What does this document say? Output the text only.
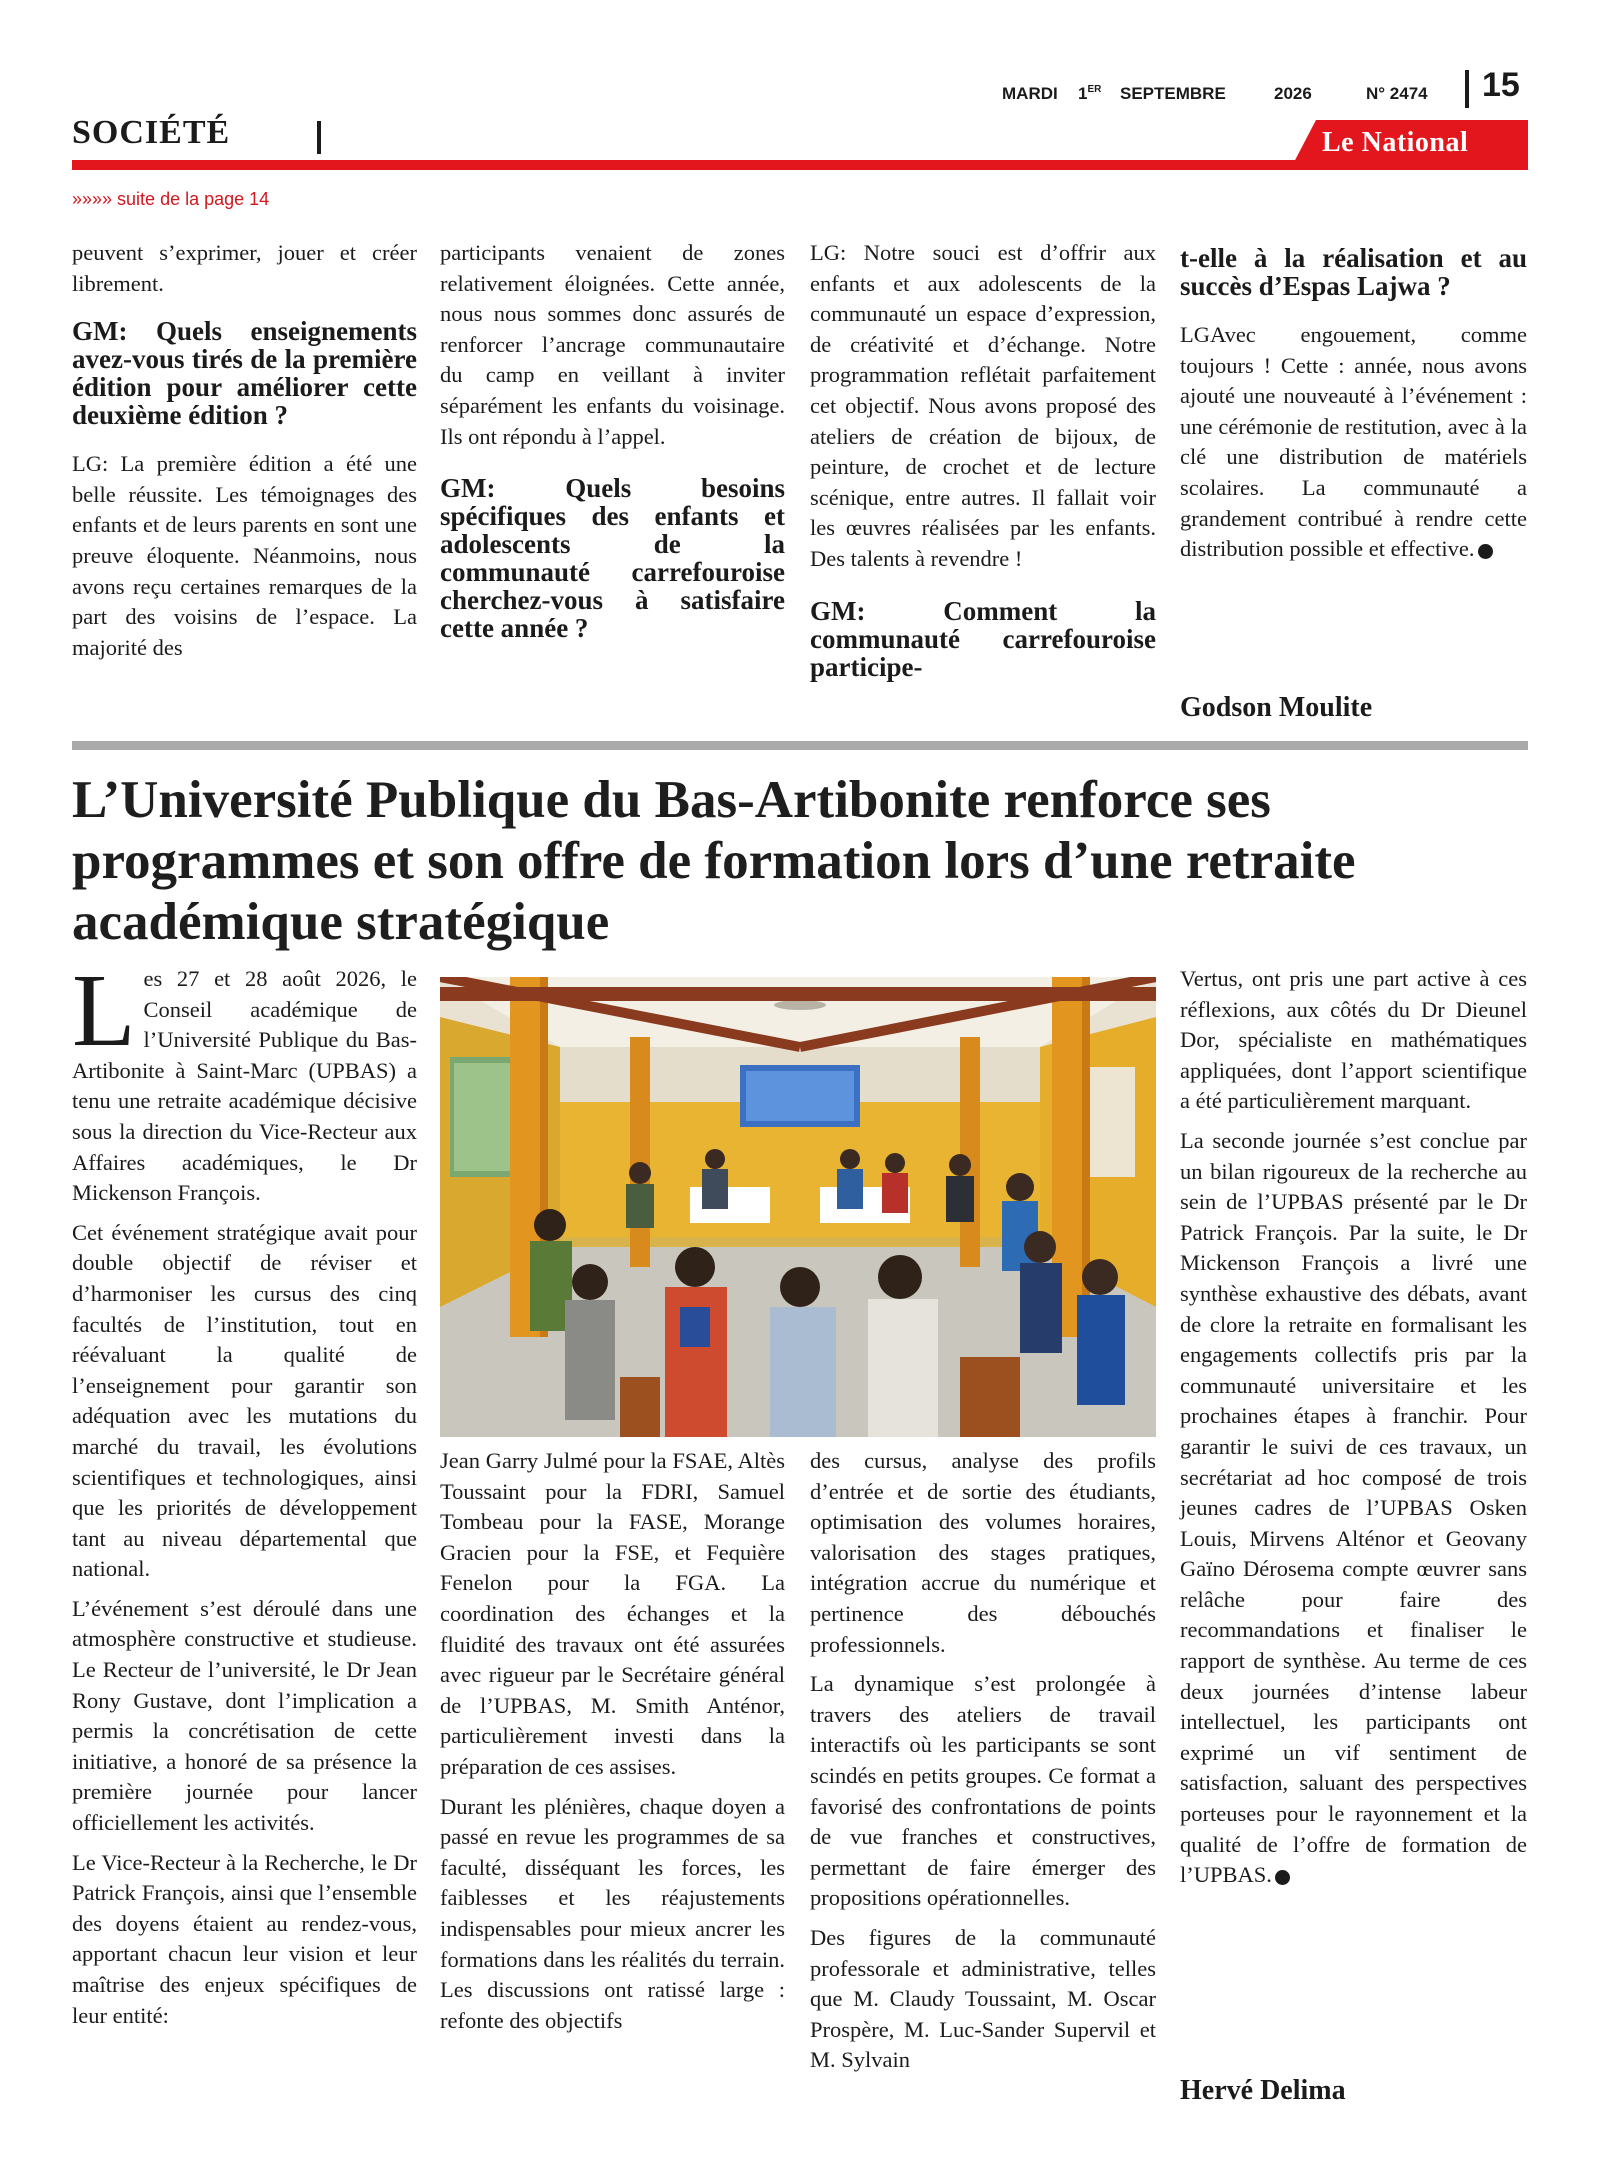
MARDI 1ER SEPTEMBRE	2026	N° 2474 15
SOCIÉTÉ	Le National
»»»» suite de la page 14

peuvent s’exprimer, jouer et créer librement.

GM: Quels enseignements avez-vous tirés de la première édition pour améliorer cette deuxième édition ?

LG: La première édition a été une belle réussite. Les témoignages des enfants et de leurs parents en sont une preuve éloquente. Néanmoins, nous avons reçu certaines remarques de la part des voisins de l’espace. La majorité des

participants venaient de zones relativement éloignées. Cette année, nous nous sommes donc assurés de renforcer l’ancrage communautaire du camp en veillant à inviter séparément les enfants du voisinage. Ils ont répondu à l’appel.

GM: Quels besoins spécifiques des enfants et adolescents de la communauté carrefouroise cherchez-vous à satisfaire cette année ?

LG: Notre souci est d’offrir aux enfants et aux adolescents de la communauté un espace d’expression, de créativité et d’échange. Notre programmation reflétait parfaitement cet objectif. Nous avons proposé des ateliers de création de bijoux, de peinture, de crochet et de lecture scénique, entre autres. Il fallait voir les œuvres réalisées par les enfants. Des talents à revendre !

GM: Comment la communauté carrefouroise participe-
t-elle à la réalisation et au succès d’Espas Lajwa ?

LGAvec engouement, comme toujours ! Cette : année, nous avons ajouté une nouveauté à l’événement : une cérémonie de restitution, avec à la clé une distribution de matériels scolaires. La communauté a grandement contribué à rendre cette distribution possible et effective.

Godson Moulite
L’Université Publique du Bas-Artibonite renforce ses programmes et son offre de formation lors d’une retraite académique stratégique

Les 27 et 28 août 2026, le Conseil académique de l’Université Publique du Bas-Artibonite à Saint-Marc (UPBAS) a tenu une retraite académique décisive sous la direction du Vice-Recteur aux Affaires académiques, le Dr Mickenson François.

Cet événement stratégique avait pour double objectif de réviser et d’harmoniser les cursus des cinq facultés de l’institution, tout en réévaluant la qualité de l’enseignement pour garantir son adéquation avec les mutations du marché du travail, les évolutions scientifiques et technologiques, ainsi que les priorités de développement tant au niveau départemental que national.

L’événement s’est déroulé dans une atmosphère constructive et studieuse. Le Recteur de l’université, le Dr Jean Rony Gustave, dont l’implication a permis la concrétisation de cette initiative, a honoré de sa présence la première journée pour lancer officiellement les activités.

Le Vice-Recteur à la Recherche, le Dr Patrick François, ainsi que l’ensemble des doyens étaient au rendez-vous, apportant chacun leur vision et leur maîtrise des enjeux spécifiques de leur entité:

Jean Garry Julmé pour la FSAE, Altès Toussaint pour la FDRI, Samuel Tombeau pour la FASE, Morange Gracien pour la FSE, et Fequière Fenelon pour la FGA. La coordination des échanges et la fluidité des travaux ont été assurées avec rigueur par le Secrétaire général de l’UPBAS, M. Smith Anténor, particulièrement investi dans la préparation de ces assises.

Durant les plénières, chaque doyen a passé en revue les programmes de sa faculté, disséquant les forces, les faiblesses et les réajustements indispensables pour mieux ancrer les formations dans les réalités du terrain. Les discussions ont ratissé large : refonte des objectifs

des cursus, analyse des profils d’entrée et de sortie des étudiants, optimisation des volumes horaires, valorisation des stages pratiques, intégration accrue du numérique et pertinence des débouchés professionnels.

La dynamique s’est prolongée à travers des ateliers de travail interactifs où les participants se sont scindés en petits groupes. Ce format a favorisé des confrontations de points de vue franches et constructives, permettant de faire émerger des propositions opérationnelles.

Des figures de la communauté professorale et administrative, telles que M. Claudy Toussaint, M. Oscar Prospère, M. Luc-Sander Supervil et M. Sylvain

Vertus, ont pris une part active à ces réflexions, aux côtés du Dr Dieunel Dor, spécialiste en mathématiques appliquées, dont l’apport scientifique a été particulièrement marquant.

La seconde journée s’est conclue par un bilan rigoureux de la recherche au sein de l’UPBAS présenté par le Dr Patrick François. Par la suite, le Dr Mickenson François a livré une synthèse exhaustive des débats, avant de clore la retraite en formalisant les engagements collectifs pris par la communauté universitaire et les prochaines étapes à franchir. Pour garantir le suivi de ces travaux, un secrétariat ad hoc composé de trois jeunes cadres de l’UPBAS Osken Louis, Mirvens Alténor et Geovany Gaïno Dérosema compte œuvrer sans relâche pour faire des recommandations et finaliser le rapport de synthèse. Au terme de ces deux journées d’intense labeur intellectuel, les participants ont exprimé un vif sentiment de satisfaction, saluant des perspectives porteuses pour le rayonnement et la qualité de l’offre de formation de l’UPBAS.

Hervé Delima
